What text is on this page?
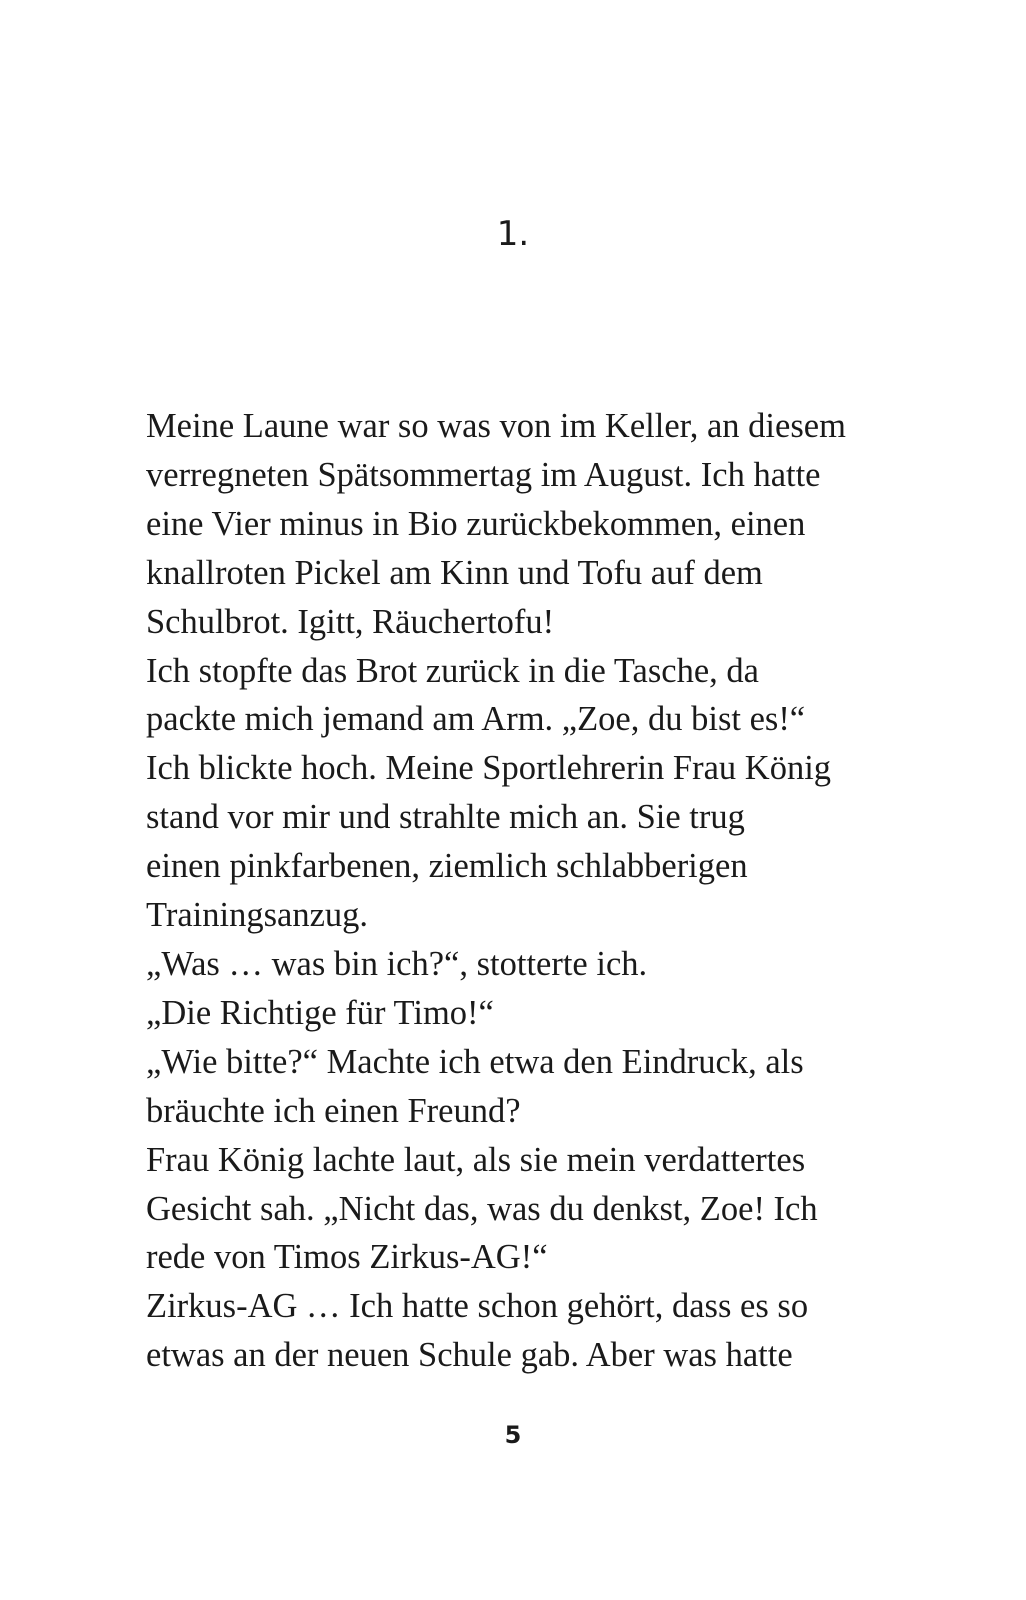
1.
Meine Laune war so was von im Keller, an diesem
verregneten Spätsommertag im August. Ich hatte
eine Vier minus in Bio zurückbekommen, einen
knallroten Pickel am Kinn und Tofu auf dem
Schulbrot. Igitt, Räuchertofu!
Ich stopfte das Brot zurück in die Tasche, da
packte mich jemand am Arm. „Zoe, du bist es!“
Ich blickte hoch. Meine Sportlehrerin Frau König
stand vor mir und strahlte mich an. Sie trug
einen pinkfarbenen, ziemlich schlabberigen
Trainingsanzug.
„Was … was bin ich?“, stotterte ich.
„Die Richtige für Timo!“
„Wie bitte?“ Machte ich etwa den Eindruck, als
bräuchte ich einen Freund?
Frau König lachte laut, als sie mein verdattertes
Gesicht sah. „Nicht das, was du denkst, Zoe! Ich
rede von Timos Zirkus-AG!“
Zirkus-AG … Ich hatte schon gehört, dass es so
etwas an der neuen Schule gab. Aber was hatte
5
